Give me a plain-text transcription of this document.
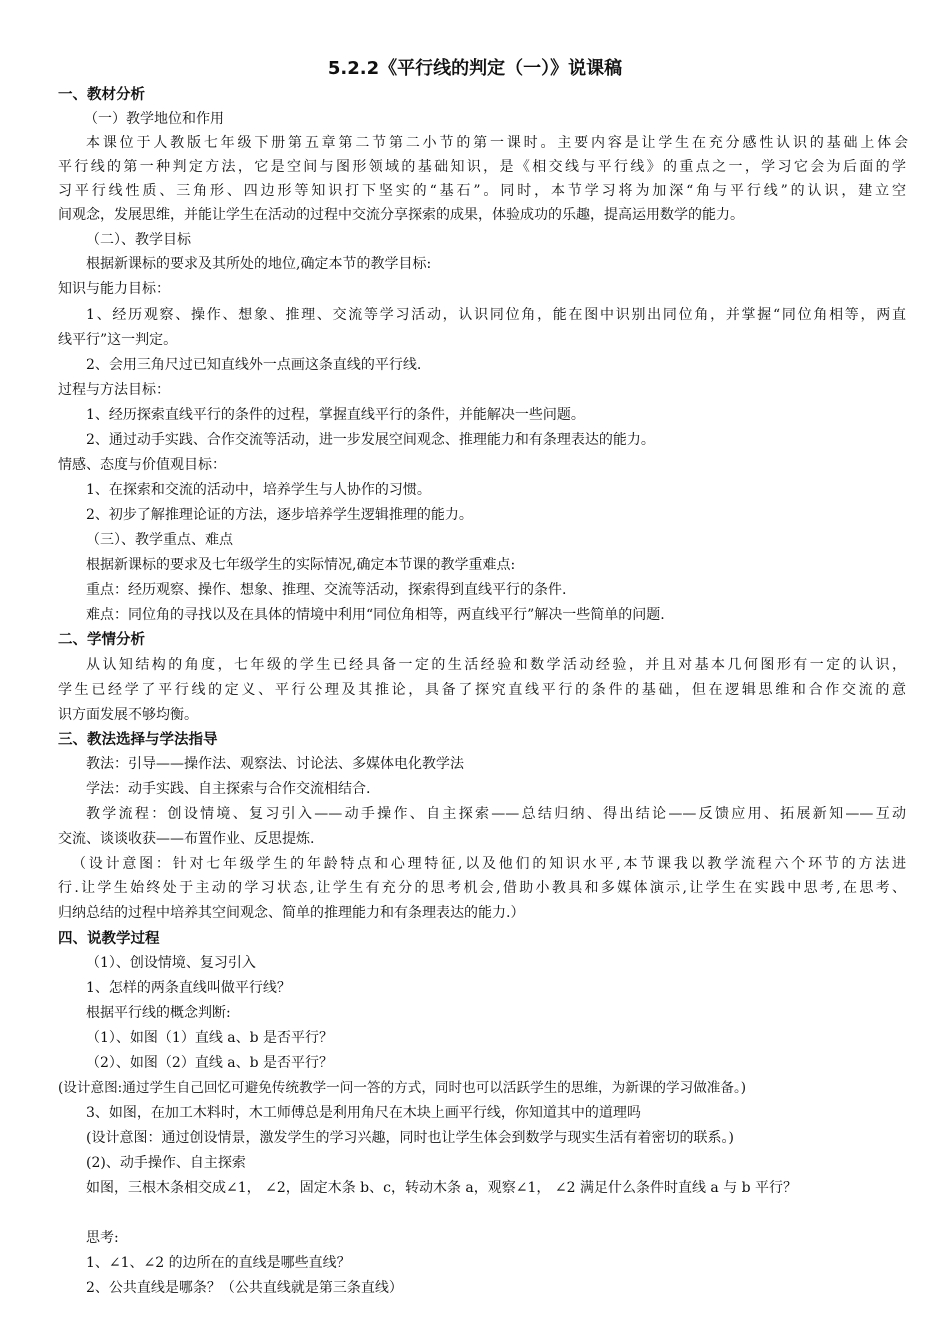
5.2.2《平行线的判定（一）》说课稿
一、教材分析
（一）教学地位和作用
本课位于人教版七年级下册第五章第二节第二小节的第一课时。主要内容是让学生在充分感性认识的基础上体会
平行线的第一种判定方法，它是空间与图形领域的基础知识，是《相交线与平行线》的重点之一，学习它会为后面的学
习平行线性质、三角形、四边形等知识打下坚实的“基石”。同时，本节学习将为加深“角与平行线”的认识，建立空
间观念，发展思维，并能让学生在活动的过程中交流分享探索的成果，体验成功的乐趣，提高运用数学的能力。
（二）、教学目标
根据新课标的要求及其所处的地位,确定本节的教学目标:
知识与能力目标：
1、经历观察、操作、想象、推理、交流等学习活动，认识同位角，能在图中识别出同位角，并掌握“同位角相等，两直
线平行”这一判定。
2、会用三角尺过已知直线外一点画这条直线的平行线.
过程与方法目标：
1、经历探索直线平行的条件的过程，掌握直线平行的条件，并能解决一些问题。
2、通过动手实践、合作交流等活动，进一步发展空间观念、推理能力和有条理表达的能力。
情感、态度与价值观目标：
1、在探索和交流的活动中，培养学生与人协作的习惯。
2、初步了解推理论证的方法，逐步培养学生逻辑推理的能力。
（三）、教学重点、难点
根据新课标的要求及七年级学生的实际情况,确定本节课的教学重难点:
重点：经历观察、操作、想象、推理、交流等活动，探索得到直线平行的条件.
难点：同位角的寻找以及在具体的情境中利用“同位角相等，两直线平行”解决一些简单的问题.
二、学情分析
从认知结构的角度，七年级的学生已经具备一定的生活经验和数学活动经验，并且对基本几何图形有一定的认识，
学生已经学了平行线的定义、平行公理及其推论，具备了探究直线平行的条件的基础，但在逻辑思维和合作交流的意
识方面发展不够均衡。
三、教法选择与学法指导
教法：引导——操作法、观察法、讨论法、多媒体电化教学法
学法：动手实践、自主探索与合作交流相结合.
教学流程：创设情境、复习引入——动手操作、自主探索——总结归纳、得出结论——反馈应用、拓展新知——互动
交流、谈谈收获——布置作业、反思提炼.
（设计意图：针对七年级学生的年龄特点和心理特征,以及他们的知识水平,本节课我以教学流程六个环节的方法进
行.让学生始终处于主动的学习状态,让学生有充分的思考机会,借助小教具和多媒体演示,让学生在实践中思考,在思考、
归纳总结的过程中培养其空间观念、简单的推理能力和有条理表达的能力.）
四、说教学过程
（1）、创设情境、复习引入
1、怎样的两条直线叫做平行线？
根据平行线的概念判断:
（1）、如图（1）直线 a、b 是否平行？
（2）、如图（2）直线 a、b 是否平行？
(设计意图:通过学生自己回忆可避免传统教学一问一答的方式，同时也可以活跃学生的思维，为新课的学习做准备。)
3、如图，在加工木料时，木工师傅总是利用角尺在木块上画平行线，你知道其中的道理吗
(设计意图：通过创设情景，激发学生的学习兴趣，同时也让学生体会到数学与现实生活有着密切的联系。)
(2)、动手操作、自主探索
如图，三根木条相交成∠1， ∠2，固定木条 b、c，转动木条 a，观察∠1， ∠2 满足什么条件时直线 a 与 b 平行？
思考:
1、∠1、∠2 的边所在的直线是哪些直线？
2、公共直线是哪条？（公共直线就是第三条直线）
